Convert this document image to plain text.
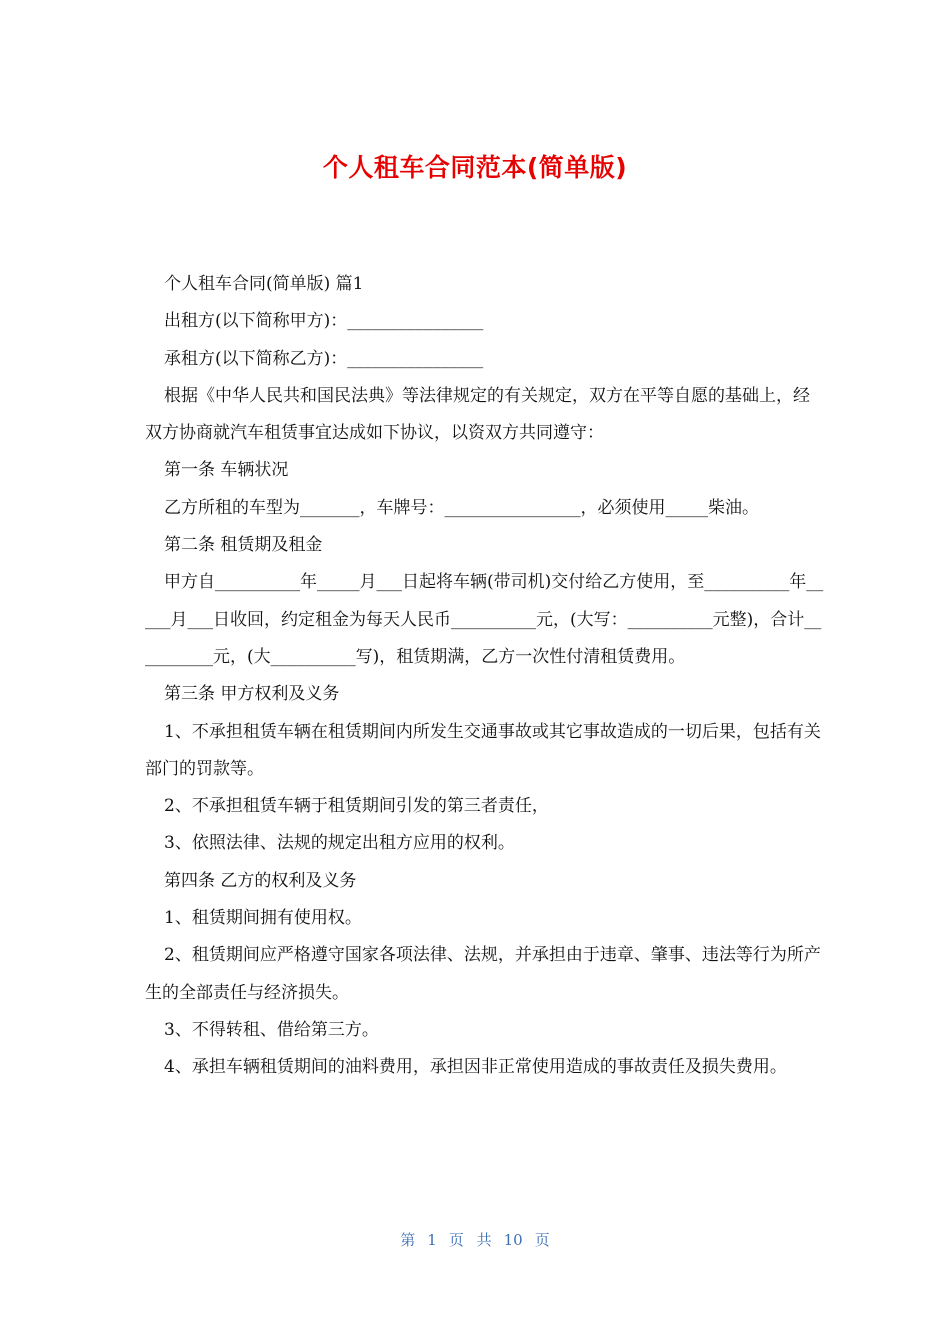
个人租车合同范本(简单版)

个人租车合同(简单版) 篇1

出租方(以下简称甲方)：________________

承租方(以下简称乙方)：________________

根据《中华人民共和国民法典》等法律规定的有关规定，双方在平等自愿的基础上，经双方协商就汽车租赁事宜达成如下协议，以资双方共同遵守：

第一条 车辆状况

乙方所租的车型为_______，车牌号：________________，必须使用_____柴油。

第二条 租赁期及租金

甲方自__________年_____月___日起将车辆(带司机)交付给乙方使用，至__________年_____月___日收回，约定租金为每天人民币__________元，(大写：__________元整)，合计__________元，(大__________写)，租赁期满，乙方一次性付清租赁费用。

第三条 甲方权利及义务

1、不承担租赁车辆在租赁期间内所发生交通事故或其它事故造成的一切后果，包括有关部门的罚款等。

2、不承担租赁车辆于租赁期间引发的第三者责任，

3、依照法律、法规的规定出租方应用的权利。

第四条 乙方的权利及义务

1、租赁期间拥有使用权。

2、租赁期间应严格遵守国家各项法律、法规，并承担由于违章、肇事、违法等行为所产生的全部责任与经济损失。

3、不得转租、借给第三方。

4、承担车辆租赁期间的油料费用，承担因非正常使用造成的事故责任及损失费用。

第 1 页 共 10 页
